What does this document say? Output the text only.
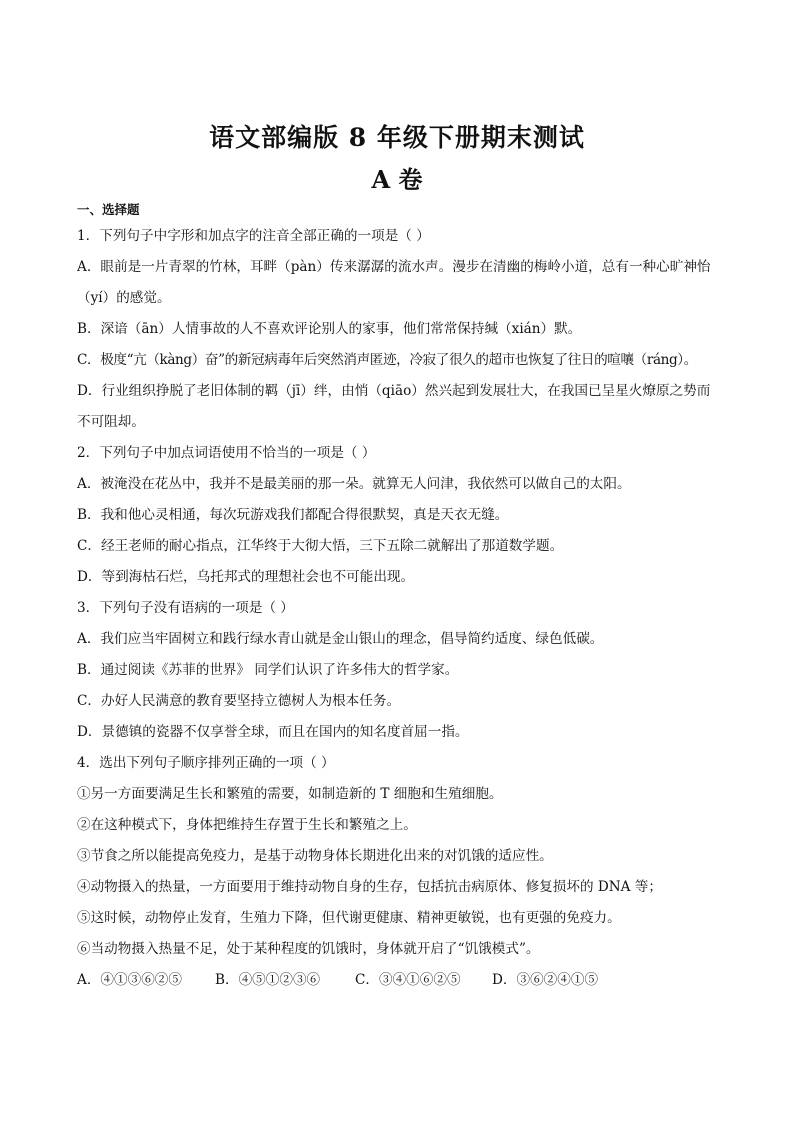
语文部编版 8 年级下册期末测试
A 卷
一、选择题
1．下列句子中字形和加点字的注音全部正确的一项是（ ）
A．眼前是一片青翠的竹林，耳畔（pàn）传来潺潺的流水声。漫步在清幽的梅岭小道，总有一种心旷神怡
（yí）的感觉。
B．深谙（ān）人情事故的人不喜欢评论别人的家事，他们常常保持缄（xián）默。
C．极度“亢（kàng）奋”的新冠病毒年后突然消声匿迹，冷寂了很久的超市也恢复了往日的喧嚷（ráng）。
D．行业组织挣脱了老旧体制的羁（jī）绊，由悄（qiāo）然兴起到发展壮大，在我国已呈星火燎原之势而
不可阻却。
2．下列句子中加点词语使用不恰当的一项是（ ）
A．被淹没在花丛中，我并不是最美丽的那一朵。就算无人问津，我依然可以做自己的太阳。
B．我和他心灵相通，每次玩游戏我们都配合得很默契，真是天衣无缝。
C．经王老师的耐心指点，江华终于大彻大悟，三下五除二就解出了那道数学题。
D．等到海枯石烂，乌托邦式的理想社会也不可能出现。
3．下列句子没有语病的一项是（ ）
A．我们应当牢固树立和践行绿水青山就是金山银山的理念，倡导简约适度、绿色低碳。
B．通过阅读《苏菲的世界》 同学们认识了许多伟大的哲学家。
C．办好人民满意的教育要坚持立德树人为根本任务。
D．景德镇的瓷器不仅享誉全球，而且在国内的知名度首屈一指。
4．选出下列句子顺序排列正确的一项（ ）
①另一方面要满足生长和繁殖的需要，如制造新的 T 细胞和生殖细胞。
②在这种模式下，身体把维持生存置于生长和繁殖之上。
③节食之所以能提高免疫力，是基于动物身体长期进化出来的对饥饿的适应性。
④动物摄入的热量，一方面要用于维持动物自身的生存，包括抗击病原体、修复损坏的 DNA 等；
⑤这时候，动物停止发育，生殖力下降，但代谢更健康、精神更敏锐，也有更强的免疫力。
⑥当动物摄入热量不足，处于某种程度的饥饿时，身体就开启了“饥饿模式”。
A．④①③⑥②⑤ B．④⑤①②③⑥	C．③④①⑥②⑤ D．③⑥②④①⑤
